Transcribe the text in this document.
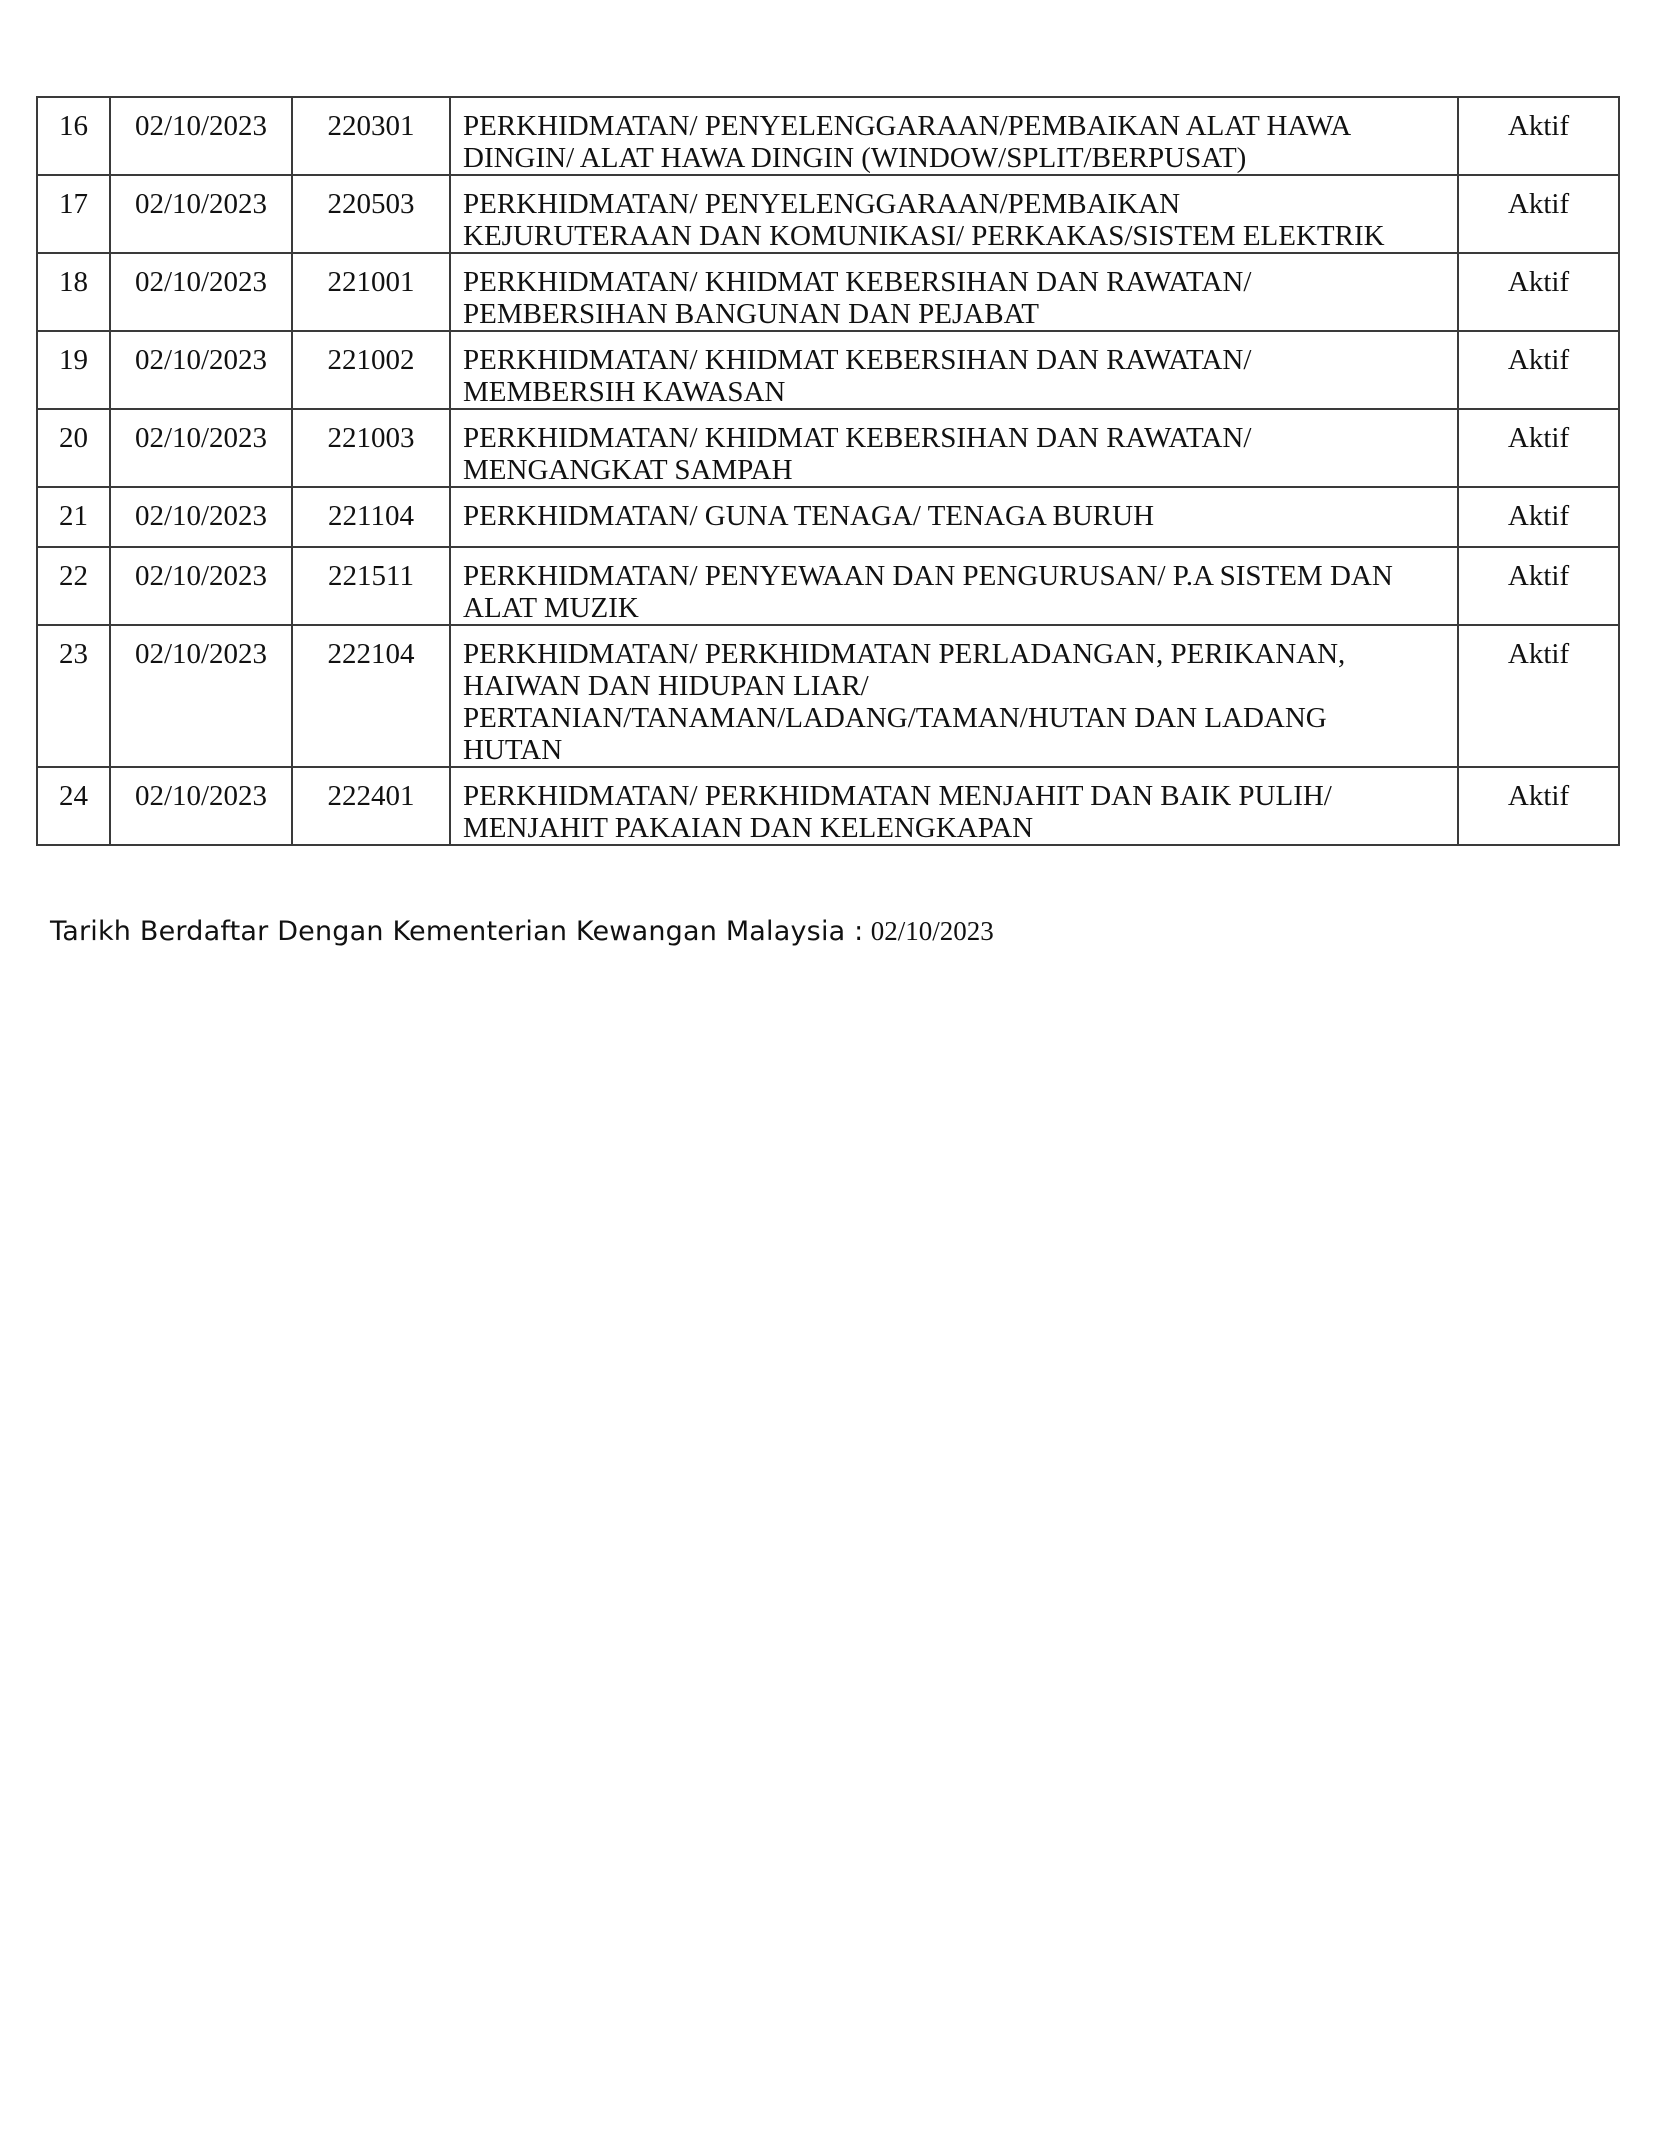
16	02/10/2023	220301	PERKHIDMATAN/ PENYELENGGARAAN/PEMBAIKAN ALAT HAWA
DINGIN/ ALAT HAWA DINGIN (WINDOW/SPLIT/BERPUSAT)	Aktif
17	02/10/2023	220503	PERKHIDMATAN/ PENYELENGGARAAN/PEMBAIKAN
KEJURUTERAAN DAN KOMUNIKASI/ PERKAKAS/SISTEM ELEKTRIK	Aktif
18	02/10/2023	221001	PERKHIDMATAN/ KHIDMAT KEBERSIHAN DAN RAWATAN/
PEMBERSIHAN BANGUNAN DAN PEJABAT	Aktif
19	02/10/2023	221002	PERKHIDMATAN/ KHIDMAT KEBERSIHAN DAN RAWATAN/
MEMBERSIH KAWASAN	Aktif
20	02/10/2023	221003	PERKHIDMATAN/ KHIDMAT KEBERSIHAN DAN RAWATAN/
MENGANGKAT SAMPAH	Aktif
21	02/10/2023	221104	PERKHIDMATAN/ GUNA TENAGA/ TENAGA BURUH	Aktif
22	02/10/2023	221511	PERKHIDMATAN/ PENYEWAAN DAN PENGURUSAN/ P.A SISTEM DAN
ALAT MUZIK	Aktif
23	02/10/2023	222104	PERKHIDMATAN/ PERKHIDMATAN PERLADANGAN, PERIKANAN,
HAIWAN DAN HIDUPAN LIAR/
PERTANIAN/TANAMAN/LADANG/TAMAN/HUTAN DAN LADANG
HUTAN	Aktif
24	02/10/2023	222401	PERKHIDMATAN/ PERKHIDMATAN MENJAHIT DAN BAIK PULIH/
MENJAHIT PAKAIAN DAN KELENGKAPAN	Aktif
Tarikh Berdaftar Dengan Kementerian Kewangan Malaysia : 02/10/2023
